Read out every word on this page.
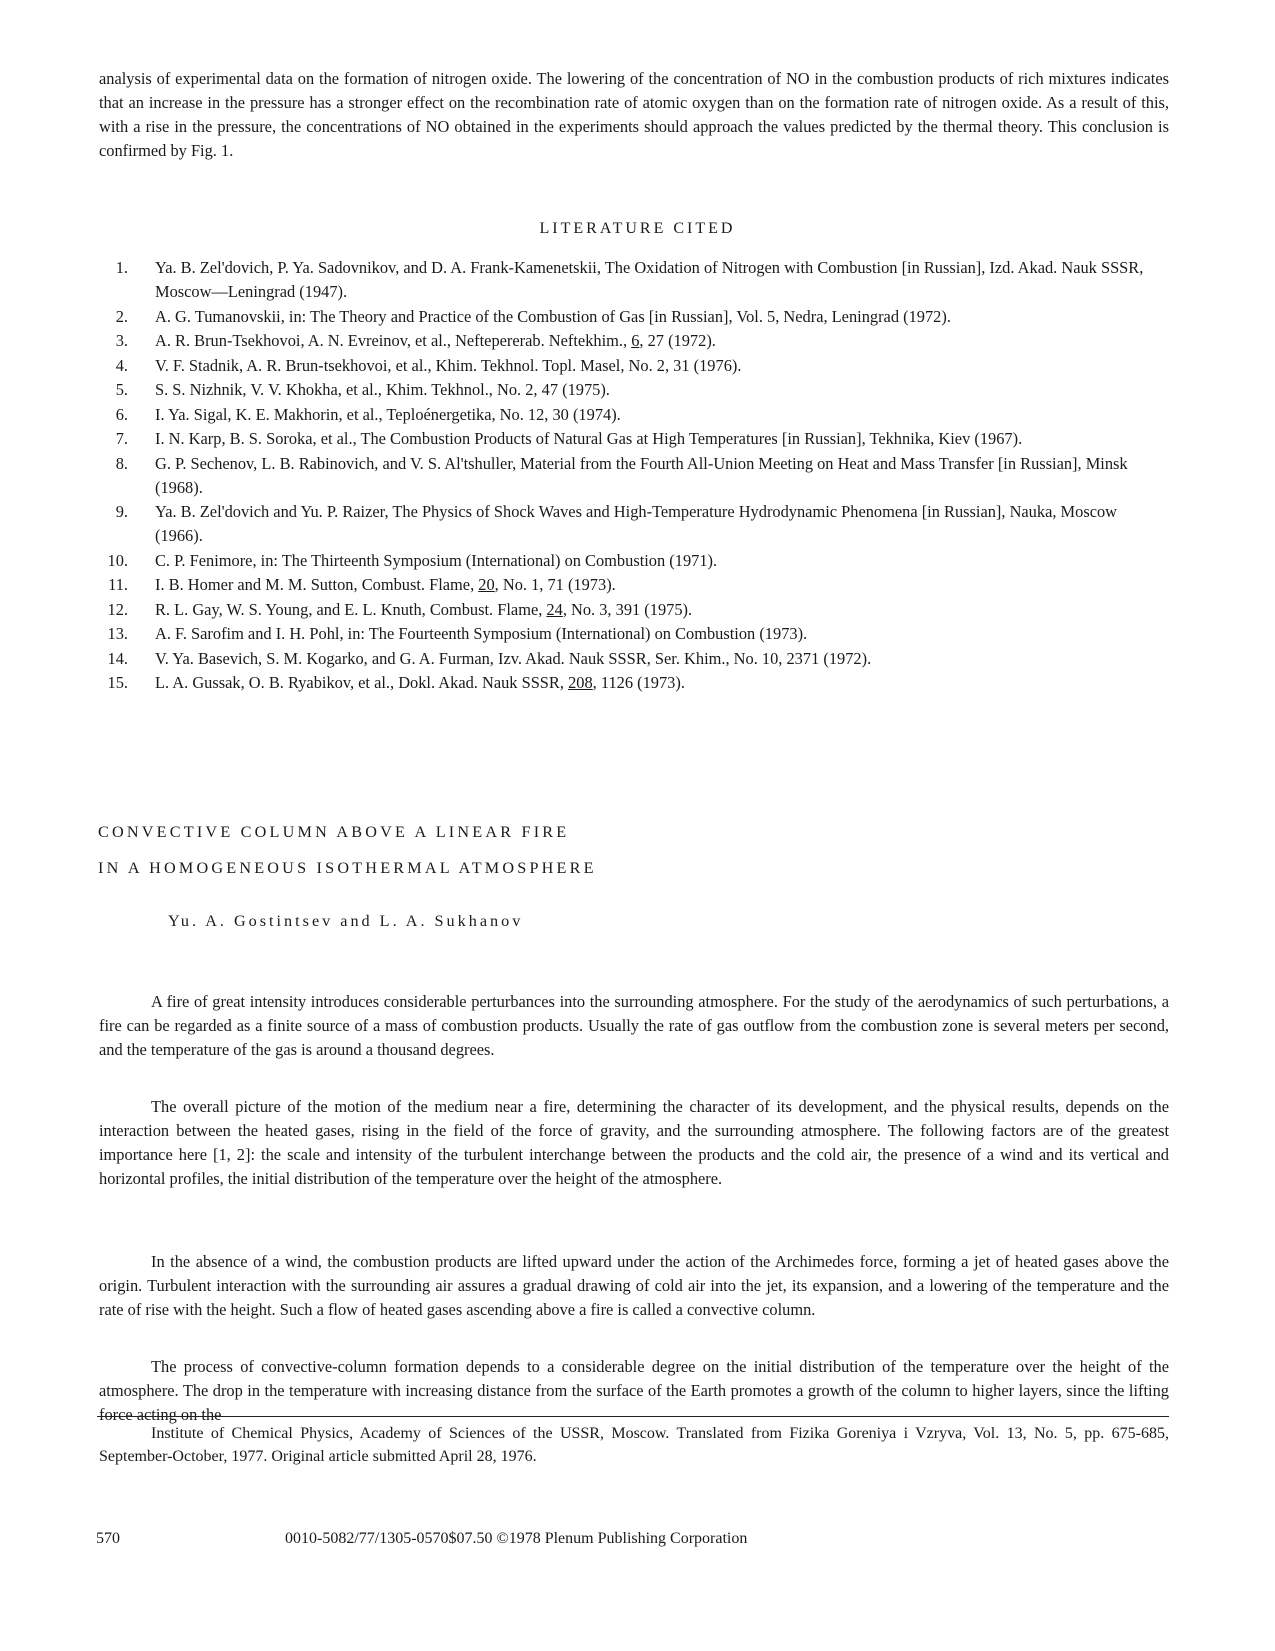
analysis of experimental data on the formation of nitrogen oxide. The lowering of the concentration of NO in the combustion products of rich mixtures indicates that an increase in the pressure has a stronger effect on the recombination rate of atomic oxygen than on the formation rate of nitrogen oxide. As a result of this, with a rise in the pressure, the concentrations of NO obtained in the experiments should approach the values predicted by the thermal theory. This conclusion is confirmed by Fig. 1.

LITERATURE CITED
1. Ya. B. Zel'dovich, P. Ya. Sadovnikov, and D. A. Frank-Kamenetskii, The Oxidation of Nitrogen with Combustion [in Russian], Izd. Akad. Nauk SSSR, Moscow—Leningrad (1947).
2. A. G. Tumanovskii, in: The Theory and Practice of the Combustion of Gas [in Russian], Vol. 5, Nedra, Leningrad (1972).
3. A. R. Brun-Tsekhovoi, A. N. Evreinov, et al., Neftepererab. Neftekhim., 6, 27 (1972).
4. V. F. Stadnik, A. R. Brun-tsekhovoi, et al., Khim. Tekhnol. Topl. Masel, No. 2, 31 (1976).
5. S. S. Nizhnik, V. V. Khokha, et al., Khim. Tekhnol., No. 2, 47 (1975).
6. I. Ya. Sigal, K. E. Makhorin, et al., Teploénergetika, No. 12, 30 (1974).
7. I. N. Karp, B. S. Soroka, et al., The Combustion Products of Natural Gas at High Temperatures [in Russian], Tekhnika, Kiev (1967).
8. G. P. Sechenov, L. B. Rabinovich, and V. S. Al'tshuller, Material from the Fourth All-Union Meeting on Heat and Mass Transfer [in Russian], Minsk (1968).
9. Ya. B. Zel'dovich and Yu. P. Raizer, The Physics of Shock Waves and High-Temperature Hydrodynamic Phenomena [in Russian], Nauka, Moscow (1966).
10. C. P. Fenimore, in: The Thirteenth Symposium (International) on Combustion (1971).
11. I. B. Homer and M. M. Sutton, Combust. Flame, 20, No. 1, 71 (1973).
12. R. L. Gay, W. S. Young, and E. L. Knuth, Combust. Flame, 24, No. 3, 391 (1975).
13. A. F. Sarofim and I. H. Pohl, in: The Fourteenth Symposium (International) on Combustion (1973).
14. V. Ya. Basevich, S. M. Kogarko, and G. A. Furman, Izv. Akad. Nauk SSSR, Ser. Khim., No. 10, 2371 (1972).
15. L. A. Gussak, O. B. Ryabikov, et al., Dokl. Akad. Nauk SSSR, 208, 1126 (1973).
CONVECTIVE COLUMN ABOVE A LINEAR FIRE
IN A HOMOGENEOUS ISOTHERMAL ATMOSPHERE
Yu. A. Gostintsev and L. A. Sukhanov

A fire of great intensity introduces considerable perturbances into the surrounding atmosphere. For the study of the aerodynamics of such perturbations, a fire can be regarded as a finite source of a mass of combustion products. Usually the rate of gas outflow from the combustion zone is several meters per second, and the temperature of the gas is around a thousand degrees.

The overall picture of the motion of the medium near a fire, determining the character of its development, and the physical results, depends on the interaction between the heated gases, rising in the field of the force of gravity, and the surrounding atmosphere. The following factors are of the greatest importance here [1, 2]: the scale and intensity of the turbulent interchange between the products and the cold air, the presence of a wind and its vertical and horizontal profiles, the initial distribution of the temperature over the height of the atmosphere.

In the absence of a wind, the combustion products are lifted upward under the action of the Archimedes force, forming a jet of heated gases above the origin. Turbulent interaction with the surrounding air assures a gradual drawing of cold air into the jet, its expansion, and a lowering of the temperature and the rate of rise with the height. Such a flow of heated gases ascending above a fire is called a convective column.

The process of convective-column formation depends to a considerable degree on the initial distribution of the temperature over the height of the atmosphere. The drop in the temperature with increasing distance from the surface of the Earth promotes a growth of the column to higher layers, since the lifting force acting on the

Institute of Chemical Physics, Academy of Sciences of the USSR, Moscow. Translated from Fizika Goreniya i Vzryva, Vol. 13, No. 5, pp. 675-685, September-October, 1977. Original article submitted April 28, 1976.

570	0010-5082/77/1305-0570$07.50 ©1978 Plenum Publishing Corporation
